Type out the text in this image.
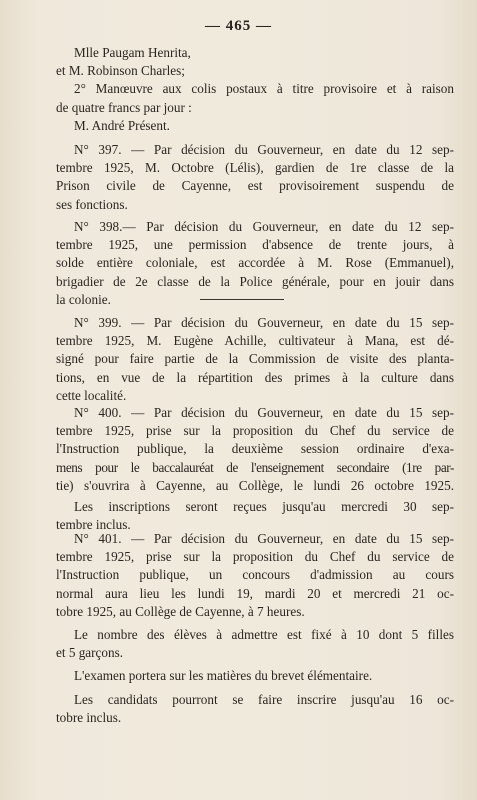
— 465 —
Mlle Paugam Henrita,
et M. Robinson Charles;
2° Manœuvre aux colis postaux à titre provisoire et à raison
de quatre francs par jour :
M. André Présent.
N° 397. — Par décision du Gouverneur, en date du 12 sep-
tembre 1925, M. Octobre (Lélis), gardien de 1re classe de la
Prison civile de Cayenne, est provisoirement suspendu de
ses fonctions.
N° 398.— Par décision du Gouverneur, en date du 12 sep-
tembre 1925, une permission d'absence de trente jours, à
solde entière coloniale, est accordée à M. Rose (Emmanuel),
brigadier de 2e classe de la Police générale, pour en jouir dans
la colonie.
N° 399. — Par décision du Gouverneur, en date du 15 sep-
tembre 1925, M. Eugène Achille, cultivateur à Mana, est dé-
signé pour faire partie de la Commission de visite des planta-
tions, en vue de la répartition des primes à la culture dans
cette localité.
N° 400. — Par décision du Gouverneur, en date du 15 sep-
tembre 1925, prise sur la proposition du Chef du service de
l'Instruction publique, la deuxième session ordinaire d'exa-
mens pour le baccalauréat de l'enseignement secondaire (1re par-
tie) s'ouvrira à Cayenne, au Collège, le lundi 26 octobre 1925.
Les inscriptions seront reçues jusqu'au mercredi 30 sep-
tembre inclus.
N° 401. — Par décision du Gouverneur, en date du 15 sep-
tembre 1925, prise sur la proposition du Chef du service de
l'Instruction publique, un concours d'admission au cours
normal aura lieu les lundi 19, mardi 20 et mercredi 21 oc-
tobre 1925, au Collège de Cayenne, à 7 heures.
Le nombre des élèves à admettre est fixé à 10 dont 5 filles
et 5 garçons.
L'examen portera sur les matières du brevet élémentaire.
Les candidats pourront se faire inscrire jusqu'au 16 oc-
tobre inclus.
